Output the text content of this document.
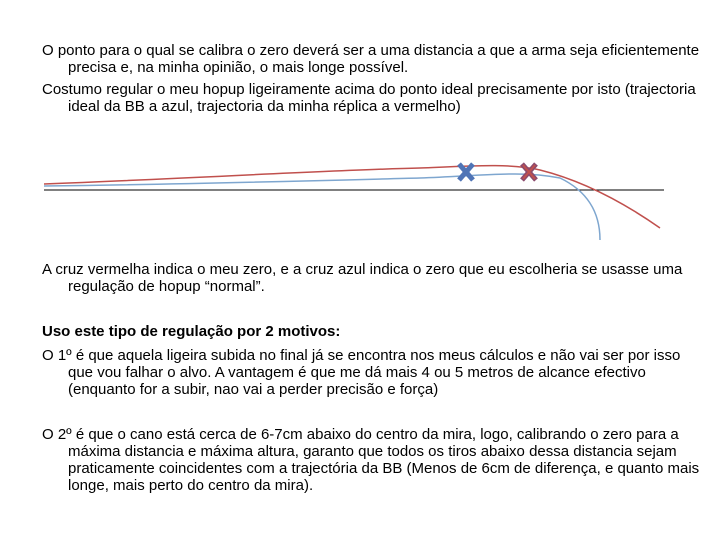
O ponto para o qual se calibra o zero deverá ser a uma distancia a que a arma seja eficientemente precisa e, na minha opinião, o mais longe possível.

Costumo regular o meu hopup ligeiramente acima do ponto ideal precisamente por isto (trajectoria ideal da BB a azul, trajectoria da minha réplica a vermelho)

A cruz vermelha indica o meu zero, e a cruz azul indica o zero que eu escolheria se usasse uma regulação de hopup “normal”.

Uso este tipo de regulação por 2 motivos:

O 1º é que aquela ligeira subida no final já se encontra nos meus cálculos e não vai ser por isso que vou falhar o alvo. A vantagem é que me dá mais 4 ou 5 metros de alcance efectivo (enquanto for a subir, nao vai a perder precisão e força)

O 2º é que o cano está cerca de 6-7cm abaixo do centro da mira, logo, calibrando o zero para a máxima distancia e máxima altura, garanto que todos os tiros abaixo dessa distancia sejam praticamente coincidentes com a trajectória da BB (Menos de 6cm de diferença, e quanto mais longe, mais perto do centro da mira).
